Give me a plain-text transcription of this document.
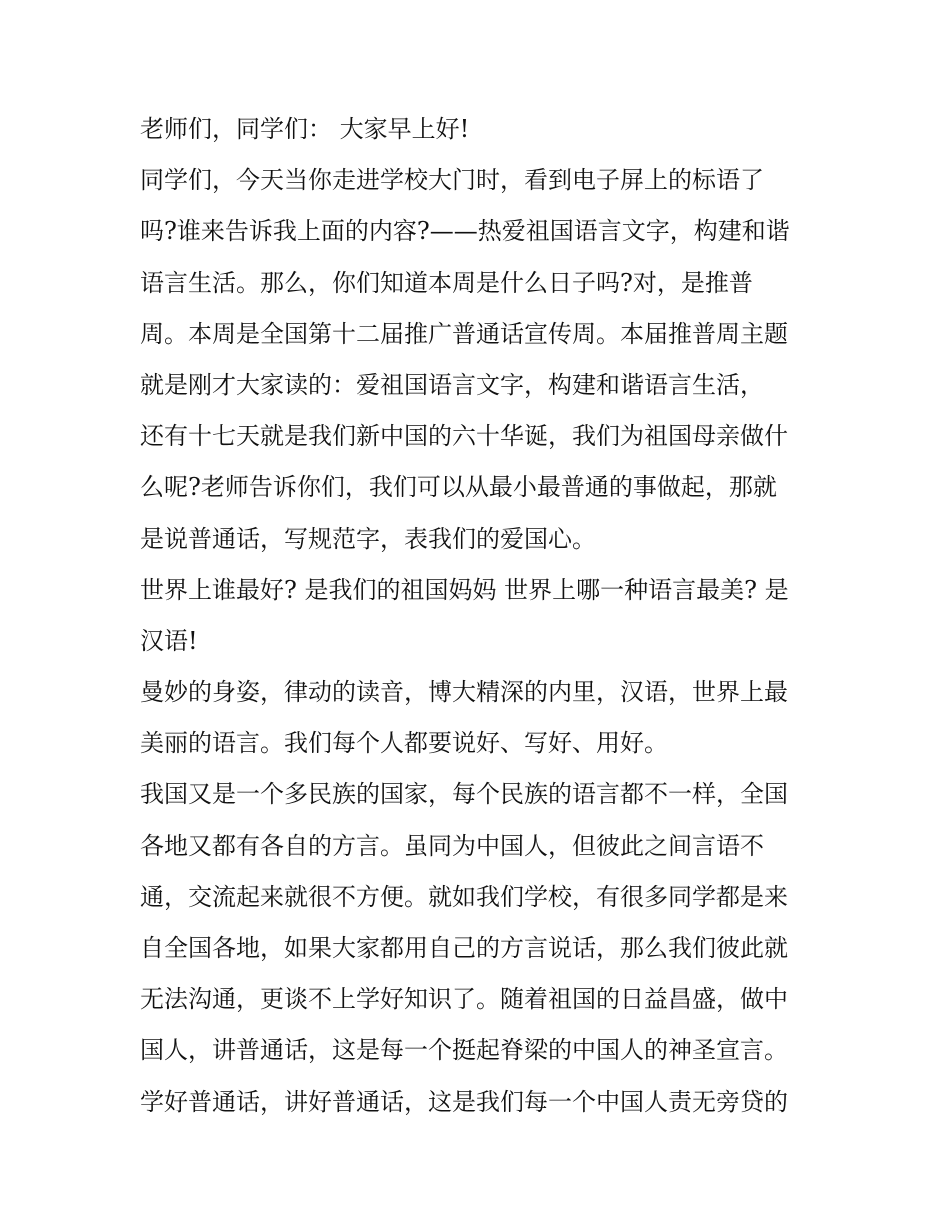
老师们，同学们： 大家早上好!
同学们，今天当你走进学校大门时，看到电子屏上的标语了
吗?谁来告诉我上面的内容?——热爱祖国语言文字，构建和谐
语言生活。那么，你们知道本周是什么日子吗?对，是推普
周。本周是全国第十二届推广普通话宣传周。本届推普周主题
就是刚才大家读的：爱祖国语言文字，构建和谐语言生活，
还有十七天就是我们新中国的六十华诞，我们为祖国母亲做什
么呢?老师告诉你们，我们可以从最小最普通的事做起，那就
是说普通话，写规范字，表我们的爱国心。
世界上谁最好? 是我们的祖国妈妈 世界上哪一种语言最美? 是
汉语!
曼妙的身姿，律动的读音，博大精深的内里，汉语，世界上最
美丽的语言。我们每个人都要说好、写好、用好。
我国又是一个多民族的国家，每个民族的语言都不一样，全国
各地又都有各自的方言。虽同为中国人，但彼此之间言语不
通，交流起来就很不方便。就如我们学校，有很多同学都是来
自全国各地，如果大家都用自己的方言说话，那么我们彼此就
无法沟通，更谈不上学好知识了。随着祖国的日益昌盛，做中
国人，讲普通话，这是每一个挺起脊梁的中国人的神圣宣言。
学好普通话，讲好普通话，这是我们每一个中国人责无旁贷的
